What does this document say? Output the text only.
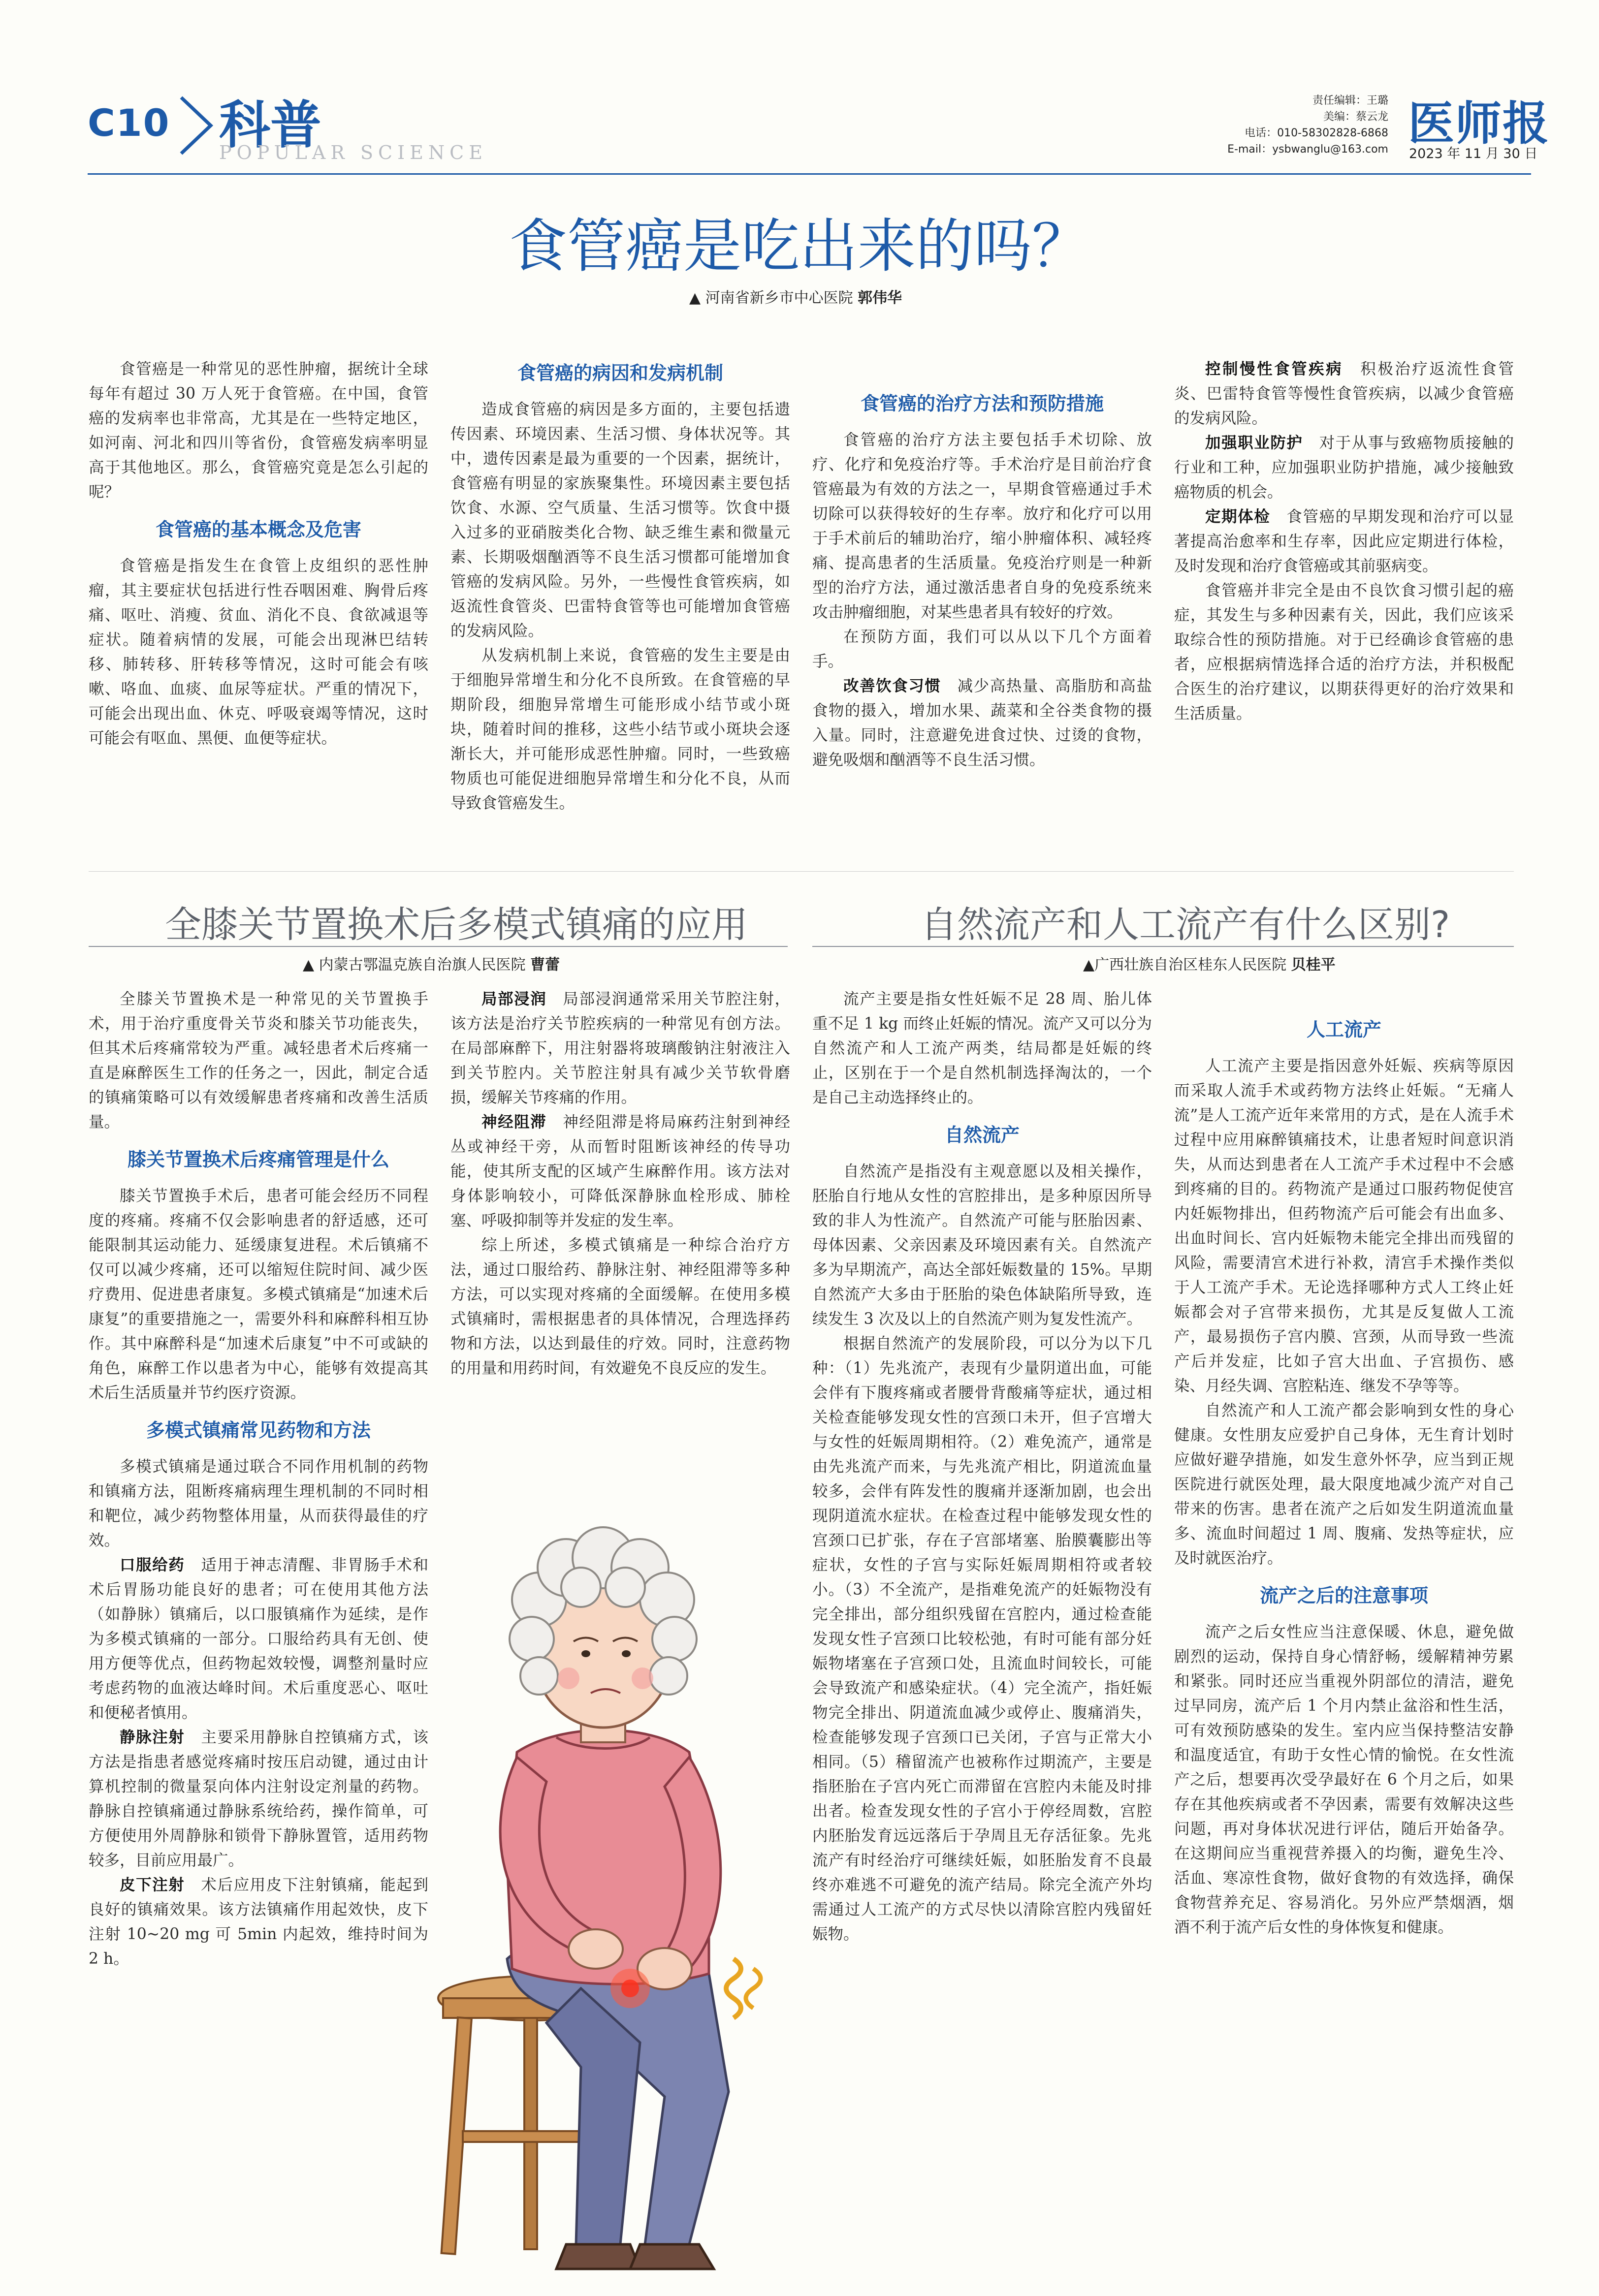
C10 科普
POPULAR SCIENCE
责任编辑：王璐
美编：蔡云龙
电话：010-58302828-6868
E-mail：ysbwanglu@163.com 医师报
2023 年 11 月 30 日
食管癌是吃出来的吗？
▲ 河南省新乡市中心医院 郭伟华

食管癌是一种常见的恶性肿瘤，据统计全球每年有超过 30 万人死于食管癌。在中国，食管癌的发病率也非常高，尤其是在一些特定地区，如河南、河北和四川等省份，食管癌发病率明显高于其他地区。那么，食管癌究竟是怎么引起的呢？

食管癌的基本概念及危害

食管癌是指发生在食管上皮组织的恶性肿瘤，其主要症状包括进行性吞咽困难、胸骨后疼痛、呕吐、消瘦、贫血、消化不良、食欲减退等症状。随着病情的发展，可能会出现淋巴结转移、肺转移、肝转移等情况，这时可能会有咳嗽、咯血、血痰、血尿等症状。严重的情况下，可能会出现出血、休克、呼吸衰竭等情况，这时可能会有呕血、黑便、血便等症状。

食管癌的病因和发病机制

造成食管癌的病因是多方面的，主要包括遗传因素、环境因素、生活习惯、身体状况等。其中，遗传因素是最为重要的一个因素，据统计，食管癌有明显的家族聚集性。环境因素主要包括饮食、水源、空气质量、生活习惯等。饮食中摄入过多的亚硝胺类化合物、缺乏维生素和微量元素、长期吸烟酗酒等不良生活习惯都可能增加食管癌的发病风险。另外，一些慢性食管疾病，如返流性食管炎、巴雷特食管等也可能增加食管癌的发病风险。

从发病机制上来说，食管癌的发生主要是由于细胞异常增生和分化不良所致。在食管癌的早期阶段，细胞异常增生可能形成小结节或小斑块，随着时间的推移，这些小结节或小斑块会逐渐长大，并可能形成恶性肿瘤。同时，一些致癌物质也可能促进细胞异常增生和分化不良，从而导致食管癌发生。

食管癌的治疗方法和预防措施

食管癌的治疗方法主要包括手术切除、放疗、化疗和免疫治疗等。手术治疗是目前治疗食管癌最为有效的方法之一，早期食管癌通过手术切除可以获得较好的生存率。放疗和化疗可以用于手术前后的辅助治疗，缩小肿瘤体积、减轻疼痛、提高患者的生活质量。免疫治疗则是一种新型的治疗方法，通过激活患者自身的免疫系统来攻击肿瘤细胞，对某些患者具有较好的疗效。

在预防方面，我们可以从以下几个方面着手。

改善饮食习惯　 减少高热量、高脂肪和高盐食物的摄入，增加水果、蔬菜和全谷类食物的摄入量。同时，注意避免进食过快、过烫的食物，避免吸烟和酗酒等不良生活习惯。

控制慢性食管疾病　 积极治疗返流性食管炎、巴雷特食管等慢性食管疾病，以减少食管癌的发病风险。

加强职业防护　 对于从事与致癌物质接触的行业和工种，应加强职业防护措施，减少接触致癌物质的机会。

定期体检　 食管癌的早期发现和治疗可以显著提高治愈率和生存率，因此应定期进行体检，及时发现和治疗食管癌或其前驱病变。

食管癌并非完全是由不良饮食习惯引起的癌症，其发生与多种因素有关，因此，我们应该采取综合性的预防措施。对于已经确诊食管癌的患者，应根据病情选择合适的治疗方法，并积极配合医生的治疗建议，以期获得更好的治疗效果和生活质量。

全膝关节置换术后多模式镇痛的应用
▲ 内蒙古鄂温克族自治旗人民医院 曹蕾

全膝关节置换术是一种常见的关节置换手术，用于治疗重度骨关节炎和膝关节功能丧失，但其术后疼痛常较为严重。减轻患者术后疼痛一直是麻醉医生工作的任务之一，因此，制定合适的镇痛策略可以有效缓解患者疼痛和改善生活质量。

膝关节置换术后疼痛管理是什么

膝关节置换手术后，患者可能会经历不同程度的疼痛。疼痛不仅会影响患者的舒适感，还可能限制其运动能力、延缓康复进程。术后镇痛不仅可以减少疼痛，还可以缩短住院时间、减少医疗费用、促进患者康复。多模式镇痛是“加速术后康复”的重要措施之一，需要外科和麻醉科相互协作。其中麻醉科是“加速术后康复”中不可或缺的角色，麻醉工作以患者为中心，能够有效提高其术后生活质量并节约医疗资源。

多模式镇痛常见药物和方法

多模式镇痛是通过联合不同作用机制的药物和镇痛方法，阻断疼痛病理生理机制的不同时相和靶位，减少药物整体用量，从而获得最佳的疗效。

口服给药　 适用于神志清醒、非胃肠手术和术后胃肠功能良好的患者；可在使用其他方法（如静脉）镇痛后，以口服镇痛作为延续，是作为多模式镇痛的一部分。口服给药具有无创、使用方便等优点，但药物起效较慢，调整剂量时应考虑药物的血液达峰时间。术后重度恶心、呕吐和便秘者慎用。

静脉注射　 主要采用静脉自控镇痛方式，该方法是指患者感觉疼痛时按压启动键，通过由计算机控制的微量泵向体内注射设定剂量的药物。静脉自控镇痛通过静脉系统给药，操作简单，可方便使用外周静脉和锁骨下静脉置管，适用药物较多，目前应用最广。

皮下注射　 术后应用皮下注射镇痛，能起到良好的镇痛效果。该方法镇痛作用起效快，皮下注射 10~20 mg 可 5min 内起效，维持时间为 2 h。

局部浸润　 局部浸润通常采用关节腔注射，该方法是治疗关节腔疾病的一种常见有创方法。在局部麻醉下，用注射器将玻璃酸钠注射液注入到关节腔内。关节腔注射具有减少关节软骨磨损，缓解关节疼痛的作用。

神经阻滞　 神经阻滞是将局麻药注射到神经丛或神经干旁，从而暂时阻断该神经的传导功能，使其所支配的区域产生麻醉作用。该方法对身体影响较小，可降低深静脉血栓形成、肺栓塞、呼吸抑制等并发症的发生率。

综上所述，多模式镇痛是一种综合治疗方法，通过口服给药、静脉注射、神经阻滞等多种方法，可以实现对疼痛的全面缓解。在使用多模式镇痛时，需根据患者的具体情况，合理选择药物和方法，以达到最佳的疗效。同时，注意药物的用量和用药时间，有效避免不良反应的发生。

自然流产和人工流产有什么区别?
▲广西壮族自治区桂东人民医院 贝桂平

流产主要是指女性妊娠不足 28 周、胎儿体重不足 1 kg 而终止妊娠的情况。流产又可以分为自然流产和人工流产两类，结局都是妊娠的终止，区别在于一个是自然机制选择淘汰的，一个是自己主动选择终止的。

自然流产

自然流产是指没有主观意愿以及相关操作，胚胎自行地从女性的宫腔排出，是多种原因所导致的非人为性流产。自然流产可能与胚胎因素、母体因素、父亲因素及环境因素有关。自然流产多为早期流产，高达全部妊娠数量的 15%。早期自然流产大多由于胚胎的染色体缺陷所导致，连续发生 3 次及以上的自然流产则为复发性流产。

根据自然流产的发展阶段，可以分为以下几种：（1）先兆流产，表现有少量阴道出血，可能会伴有下腹疼痛或者腰骨背酸痛等症状，通过相关检查能够发现女性的宫颈口未开，但子宫增大与女性的妊娠周期相符。（2）难免流产，通常是由先兆流产而来，与先兆流产相比，阴道流血量较多，会伴有阵发性的腹痛并逐渐加剧，也会出现阴道流水症状。在检查过程中能够发现女性的宫颈口已扩张，存在子宫部堵塞、胎膜囊膨出等症状，女性的子宫与实际妊娠周期相符或者较小。（3）不全流产，是指难免流产的妊娠物没有完全排出，部分组织残留在宫腔内，通过检查能发现女性子宫颈口比较松弛，有时可能有部分妊娠物堵塞在子宫颈口处，且流血时间较长，可能会导致流产和感染症状。（4）完全流产，指妊娠物完全排出、阴道流血减少或停止、腹痛消失，检查能够发现子宫颈口已关闭，子宫与正常大小相同。（5）稽留流产也被称作过期流产，主要是指胚胎在子宫内死亡而滞留在宫腔内未能及时排出者。检查发现女性的子宫小于停经周数，宫腔内胚胎发育远远落后于孕周且无存活征象。先兆流产有时经治疗可继续妊娠，如胚胎发育不良最终亦难逃不可避免的流产结局。除完全流产外均需通过人工流产的方式尽快以清除宫腔内残留妊娠物。

人工流产

人工流产主要是指因意外妊娠、疾病等原因而采取人流手术或药物方法终止妊娠。“无痛人流”是人工流产近年来常用的方式，是在人流手术过程中应用麻醉镇痛技术，让患者短时间意识消失，从而达到患者在人工流产手术过程中不会感到疼痛的目的。药物流产是通过口服药物促使宫内妊娠物排出，但药物流产后可能会有出血多、出血时间长、宫内妊娠物未能完全排出而残留的风险，需要清宫术进行补救，清宫手术操作类似于人工流产手术。无论选择哪种方式人工终止妊娠都会对子宫带来损伤，尤其是反复做人工流产，最易损伤子宫内膜、宫颈，从而导致一些流产后并发症，比如子宫大出血、子宫损伤、感染、月经失调、宫腔粘连、继发不孕等等。

自然流产和人工流产都会影响到女性的身心健康。女性朋友应爱护自己身体，无生育计划时应做好避孕措施，如发生意外怀孕，应当到正规医院进行就医处理，最大限度地减少流产对自己带来的伤害。患者在流产之后如发生阴道流血量多、流血时间超过 1 周、腹痛、发热等症状，应及时就医治疗。

流产之后的注意事项

流产之后女性应当注意保暖、休息，避免做剧烈的运动，保持自身心情舒畅，缓解精神劳累和紧张。同时还应当重视外阴部位的清洁，避免过早同房，流产后 1 个月内禁止盆浴和性生活，可有效预防感染的发生。室内应当保持整洁安静和温度适宜，有助于女性心情的愉悦。在女性流产之后，想要再次受孕最好在 6 个月之后，如果存在其他疾病或者不孕因素，需要有效解决这些问题，再对身体状况进行评估，随后开始备孕。在这期间应当重视营养摄入的均衡，避免生冷、活血、寒凉性食物，做好食物的有效选择，确保食物营养充足、容易消化。另外应严禁烟酒，烟酒不利于流产后女性的身体恢复和健康。
